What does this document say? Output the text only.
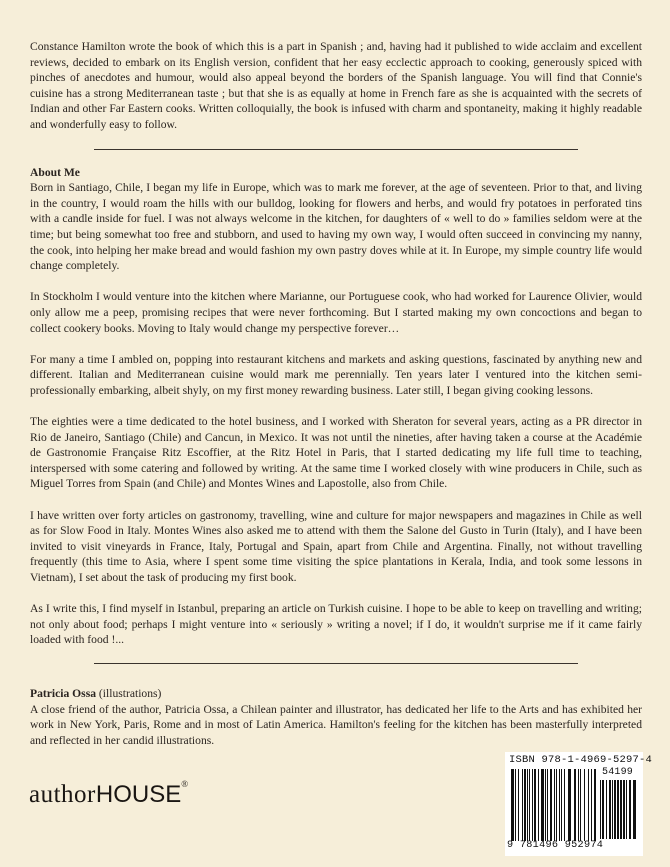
Constance Hamilton wrote the book of which this is a part in Spanish ; and, having had it published to wide acclaim and excellent reviews, decided to embark on its English version, confident that her easy ecclectic approach to cooking, generously spiced with pinches of anecdotes and humour, would also appeal beyond the borders of the Spanish language. You will find that Connie's cuisine has a strong Mediterranean taste ; but that she is as equally at home in French fare as she is acquainted with the secrets of Indian and other Far Eastern cooks. Written colloquially, the book is infused with charm and spontaneity, making it highly readable and wonderfully easy to follow.

About Me

Born in Santiago, Chile, I began my life in Europe, which was to mark me forever, at the age of seventeen. Prior to that, and living in the country, I would roam the hills with our bulldog, looking for flowers and herbs, and would fry potatoes in perforated tins with a candle inside for fuel. I was not always welcome in the kitchen, for daughters of « well to do » families seldom were at the time; but being somewhat too free and stubborn, and used to having my own way, I would often succeed in convincing my nanny, the cook, into helping her make bread and would fashion my own pastry doves while at it. In Europe, my simple country life would change completely.

In Stockholm I would venture into the kitchen where Marianne, our Portuguese cook, who had worked for Laurence Olivier, would only allow me a peep, promising recipes that were never forthcoming. But I started making my own concoctions and began to collect cookery books. Moving to Italy would change my perspective forever…

For many a time I ambled on, popping into restaurant kitchens and markets and asking questions, fascinated by anything new and different. Italian and Mediterranean cuisine would mark me perennially. Ten years later I ventured into the kitchen semi-professionally embarking, albeit shyly, on my first money rewarding business. Later still, I began giving cooking lessons.

The eighties were a time dedicated to the hotel business, and I worked with Sheraton for several years, acting as a PR director in Rio de Janeiro, Santiago (Chile) and Cancun, in Mexico. It was not until the nineties, after having taken a course at the Académie de Gastronomie Française Ritz Escoffier, at the Ritz Hotel in Paris, that I started dedicating my life full time to teaching, interspersed with some catering and followed by writing. At the same time I worked closely with wine producers in Chile, such as Miguel Torres from Spain (and Chile) and Montes Wines and Lapostolle, also from Chile.

I have written over forty articles on gastronomy, travelling, wine and culture for major newspapers and magazines in Chile as well as for Slow Food in Italy. Montes Wines also asked me to attend with them the Salone del Gusto in Turin (Italy), and I have been invited to visit vineyards in France, Italy, Portugal and Spain, apart from Chile and Argentina. Finally, not without travelling frequently (this time to Asia, where I spent some time visiting the spice plantations in Kerala, India, and took some lessons in Vietnam), I set about the task of producing my first book.

As I write this, I find myself in Istanbul, preparing an article on Turkish cuisine. I hope to be able to keep on travelling and writing; not only about food; perhaps I might venture into « seriously » writing a novel; if I do, it wouldn't surprise me if it came fairly loaded with food !...

Patricia Ossa (illustrations)

A close friend of the author, Patricia Ossa, a Chilean painter and illustrator, has dedicated her life to the Arts and has exhibited her work in New York, Paris, Rome and in most of Latin America. Hamilton's feeling for the kitchen has been masterfully interpreted and reflected in her candid illustrations.

authorHOUSE®
ISBN 978-1-4969-5297-4
54199
9 781496 952974
